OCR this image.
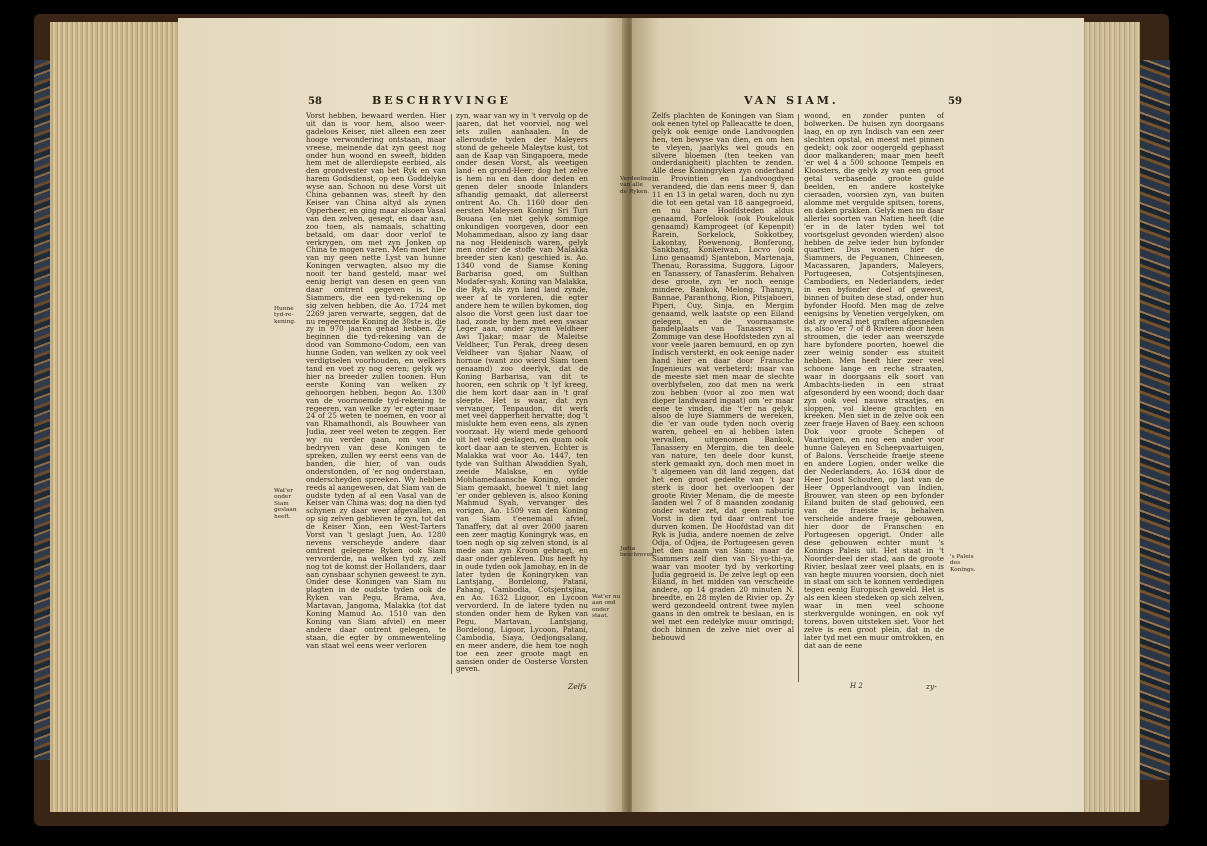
58	BESCHRYVINGE
Vorst hebben, bewaard werden. Hier uit dan is voor hem, alsoo weer-gadeloos Keiser, niet alleen een zeer hooge verwondering ontstaan, maar vreese, meinende dat zyn geest nog onder hun woond en sweeft, bidden hem met de allerdiepste eerbied, als den grondvester van het Ryk en van harem Godsdienst, op een Goddelyke wyse aan. Schoon nu dese Vorst uit China gebannen was, steeft hy den Keiser van China altyd als zynen Opperheer, en ging maar alsoen Vasal van den zelven, gesegt, en daar aan, zoo toen, als namaals, schatting betaald, om daar door verlof te verkrygen, om met zyn Jonken op China te mogen varen. Men moet hier van my geen nette Lyst van hunne Koningen verwagten, alsoo my die nooit ter hand gesteld, maar wel eenig berigt van desen en geen van daar omtrent gegeven is. De Siammers, die een tyd-rekening op sig zelven hebben, die Ao. 1724 met 2269 jaren verwarte, seggen, dat de nu regeerende Koning de 30ste is, die zy in 970 jaaren gehad hebben. Zy beginnen die tyd-rekening van de dood van Sommono-Codom, een van hunne Goden, van welken zy ook veel verdigtselen voorhouden, en welkers tand en voet zy nog eeren; gelyk wy hier na breeder zullen toonen. Hun eerste Koning van welken zy gehoorgen hebben, begon Ao. 1300 van de voornoemde tyd-rekening te regeeren, van welke zy 'er egter maar 24 of 25 weten te noemen, en voor al van Rhamathondi, als Bouwheer van Judia, zeer veel weten te zeggen. Eer wy nu verder gaan, om van de bedryven van dese Koningen te spreken, zullen wy eerst eens van de banden, die hier, of van ouds onderstonden, of 'er nog onderstaan, onderscheyden spreeken. Wy hebben reeds al aangewesen, dat Siam van de oudste tyden af al een Vasal van de Keiser van China was; dog na dien tyd schynen zy daar weer afgevallen, en op sig zelven geblieven te zyn, tot dat de Keiser Xion, een West-Tarters Vorst van 't geslagt Juen, Ao. 1280 nevens verscheyde andere daar omtrent gelegene Ryken ook Siam vervorderde, na welken tyd zy, zelf nog tot de komst der Hollanders, daar aan cynsbaar schynen geweest te zyn. Onder dese Koningen van Siam nu plagten in de oudste tyden ook de Ryken van Pegu, Brama, Ava, Martavan, Jangoma, Malakka (tot dat Koning Mamud Ao. 1510 van den Koning van Siam afviel) en meer andere daar ontrent gelegen, te staan, die egter by ommewenteling van staat wel eens weer verloren
zyn, waar van wy in 't vervolg op de jaaren, dat het voorviel, nog wel iets zullen aanhaalen. In de alleroudste tyden der Maleyers stond de geheele Maleytse kust, tot aan de Kaap van Singapoera, mede onder desen Vorst, als weetigen land- en grond-Heer; dog het zelve is hem nu en dan door deden en genen deler snoode Inlanders afhandig gemaakt, dat allereerst ontrent Ao. Ch. 1160 door den eersten Maleysen Koning Sri Turi Bouana (en niet gelyk sommige onkundigen voorgeven, door een Mohammedaan, alsoo zy lang daar na nog Heidenisch waren, gelyk men onder de stoffe van Malakka breeder sien kan) geschied is. Ao. 1340 vond de Siamse Koning Barbarisa goed, om Sulthan Modafer-syah, Koning van Malakka, die Ryk, als zyn land laud zynde, weer af te vorderen, die egter andere hem te willen bykomen, dog alsoo die Vorst geen lust daar toe had, zonde hy hem met een swaar Leger aan, onder zynen Veldheer Awi Tjakar; maar de Maleitse Veldheer, Tun Perak, dreeg desen Veldheer van Sjahar Naaw, of hornue (want zoo wierd Siam toen genaamd) zoo deerlyk, dat de Koning Barbarisa, van dit te hooren, een schrik op 't lyf kreeg, die hem kort daar aan in 't graf sleepte. Het is waar, dat zyn vervanger, Tenpaudon, dit werk met veel dapperheit hervatte; dog 't mislukte hem even eens, als zynen voorzaat. Hy wierd mede gehoord uit het veld geslagen, en quam ook kort daar aan te sterven. Echter is Malakka wat voor Ao. 1447, ten tyde van Sulthan Alwaddien Syah, zeeide Malakse, en vyfde Mohhamedaansche Koning, onder Siam gemaakt, hoewel 't niet lang 'er onder gebleven is, alsoo Koning Mahmud Syah, vervanger des vorigen, Ao. 1509 van den Koning van Siam t'eenemaal afviel. Tanaffery, dat al over 2000 jaaren een zeer magtig Koningryk was, en toen nogh op sig zelven stond, is al mede aan zyn Kroon gebragt, en daar onder gebleven. Dus heeft hy in oude tyden ook Jamohay, en in de later tyden de Koningryken van Lantsjang, Bordelong, Patani, Pahang, Cambodia, Cotsjentsjina, en Ao. 1632 Ligoor, en Lycoon vervorderd. In de latere tyden nu stonden onder hem de Ryken van Pegu, Martavan, Lantsjang, Bordelong, Ligoor, Lycoon, Patani, Cambodia, Siaya, Oedjongsalang, en meer andere, die hem toe nogh toe een zeer groote magt en aansien onder de Oosterse Vorsten geven.
Hunne tyd-re-kening.
Wat'er onder Siam geslaan heeft.
Wat'er nu aan ond onder staat.
Zelfs
VAN SIAM.	59
Zelfs plachten de Koningen van Siam ook eenen tytel op Palleacatte te doen, gelyk ook eenige onde Landvoogden hen, ten bewyse van dien, en om hen te vleyen, jaarlyks wel gouds en silvere bloemen (ten teeken van onderdanigheit) plachten te zenden. Alle dese Koningryken zyn onderhand in Provintien en Landvoogdyen verandeed, die dan eens meer 9, dan 11 en 13 in getal waren, doch nu zyn die tot een getal van 18 aangegroeid, en nu hare Hoofdsteden aldus genaamd, Porfelook (ook Poukelouk genaamd) Kamprogeet (of Kepenpit) Rarein, Sorkelock, Sokkotbey, Lakontay, Poewenong, Bonferong, Sankbang, Konkeiwan, Locvo (ook Lino genaamd) Sjantebon, Martenaja, Thenau, Rorassima, Suggora, Ligoor en Tanassery, of Tanasferim. Behalven dese groote, zyn 'er noch eenige mindere, Bankok, Melong, Thanzyn, Bannae, Paranthong, Rion, Pitsjaboeri, Piperi, Cuy, Sinja, en Mergim genaamd, welk laatste op een Eiland gelegen, en de voornaamste handelplaats van Tanassery is. Zommige van dese Hoofdsteden zyn al voor veele jaaren bemuurd, en op zyn Indisch versterkt, en ook eenige nader hand hier en daar door Fransche Ingenieurs wat verbeterd; maar van de meeste siet men maar de slechte overblyfselen, zoo dat men na werk zou hebben (voor al zoo men wat dieper landwaard ingaat) om 'er maar eene te vinden, die 't'er na gelyk, alsoo de luye Siammers de wereken, die 'er van oude tyden noch overig waren, geheel en al hebben laten vervallen, uitgenomen Bankok, Tanassery en Mergim, die ten deele van nature, ten deele door kunst, sterk gemaakt zyn, doch men moet in 't algemeen van dit land zeggen, dat het een groot gedeelte van 't jaar sterk is door het overloopen der groote Rivier Menam, die de meeste landen wel 7 of 8 maanden zoodanig onder water zet, dat geen naburig Vorst in dien tyd daar ontrent toe durven komen. De Hoofdstad van dit Ryk is Judia, andere noemen de zelve Odja, of Odjea, de Portugeesen geven het den naam van Siam; maar de Siammers zelf dien van Si-yo-thi-ya, waar van mooter tyd by verkorting Judia gegroeid is. De zelve legt op een Eiland, in het midden van verscheide andere, op 14 graden 20 minuten N. breedte, en 28 mylen de Rivier op. Zy werd gezondeeld ontrent twee mylen gaans in den omtrek te beslaan, en is wel met een redelyke muur omringd; doch binnen de zelve niet over al bebouwd
woond, en zonder punten of bolwerken. De huisen zyn doorgaans laag, en op zyn Indisch van een zeer slechten opstal, en meest met pinnen gedekt; ook zoor oogergeld gephasst door malkanderen; maar men heeft 'er wel 4 a 500 schoone Tempels en Kloosters, die gelyk zy van een groot getal verbasende groote gulde beelden, en andere kostelyke cieraaden, voorsien zyn, van buiten alomme met vergulde spitsen, torens, en daken prakken. Gelyk men nu daar allerlei soorten van Natien heeft (die 'er in de later tyden wel tot voortsgelust gevonden wierden) alsoo hebben de zelve ieder hun byfonder quartier. Dus woonen hier de Siammers, de Peguanen, Chineesen, Macassaren, Japanders, Maleyers, Portugeesen, Cotsjentsjinesen, Cambodiers, en Nederlanders, ieder in een byfonder deel of geweest, binnen of buiten dese stad, onder hun byfonder Hoofd. Men mag de zelve eenigsins by Venetien vergelyken, om dat zy overal met graften afgesneden is, alsoo 'er 7 of 8 Rivieren door heen stroomen, die ieder aan weerszyde hare byfondere poorten, hoewel die zeer weinig sonder ess stuiteit hebben. Men heeft hier zeer veel schoone lange en reche straaten, waar in doorgaans elk soort van Ambachts-lieden in een straat afgesonderd by een woond; doch daar zyn ook veel nauwe straatjes, en sloppen, vol kleene grachten en kreeken. Men siet in de zelve ook een zeer fraeje Haven of Baey, een schoon Dok voor groote Schepen of Vaartuigen, en nog een ander voor hunne Galeyen en Scheepvaartuigen, of Balons. Verscheide fraeije steene en andere Logien, onder welke die der Nederlanders, Ao. 1634 door de Heer Joost Schouten, op last van de Heer Opperlandvoogt van Indien, Brouwer, van steen op een byfonder Eiland buiten de stad gebouwd, een van de fraeiste is, behalven verscheide andere fraeje gebouwen, hier door de Franschen en Portugeesen opgerigt. Onder alle dese gebouwen echter munt 's Konings Paleis uit. Het staat in 't Noorder-deel der stad, aan de groote Rivier, beslaat zeer veel plaats, en is van hegte muuren voorsien, doch niet in staat om sich te konnen verdedigen tegen eenig Europisch geweld. Het is als een kleen stedeken op sich zelven, waar in men veel schoone sterkvergulde woningen, en ook vyf torens, boven uitsteken siet. Voor het zelve is een groot plein, dat in de later tyd met een muur omtrokken, en dat aan de eene
Verdeeling van alle de Ryken.
Judia beschreven.	's Paleis des Konings.
H 2	zy-
